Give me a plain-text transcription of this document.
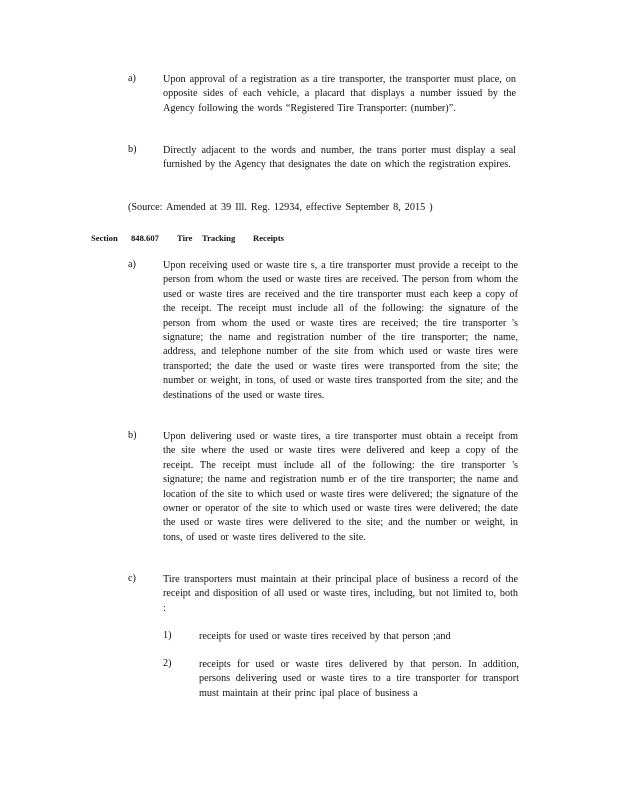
a)	Upon approval of a registration as a tire transporter, the transporter must place, on opposite sides of each vehicle, a placard that displays a number issued by the Agency following the words “Registered Tire Transporter: (number)”.
b)	Directly adjacent to the words and number, the trans porter must display a seal furnished by the Agency that designates the date on which the registration expires.
(Source: Amended at 39 Ill. Reg. 12934, effective September 8, 2015 )
Section 848.607 Tire Tracking Receipts
a)	Upon receiving used or waste tire s, a tire transporter must provide a receipt to the person from whom the used or waste tires are received. The person from whom the used or waste tires are received and the tire transporter must each keep a copy of the receipt. The receipt must include all of the following: the signature of the person from whom the used or waste tires are received; the tire transporter 's signature; the name and registration number of the tire transporter; the name, address, and telephone number of the site from which used or waste tires were transported; the date the used or waste tires were transported from the site; the number or weight, in tons, of used or waste tires transported from the site; and the destinations of the used or waste tires.
b)	Upon delivering used or waste tires, a tire transporter must obtain a receipt from the site where the used or waste tires were delivered and keep a copy of the receipt. The receipt must include all of the following: the tire transporter 's signature; the name and registration numb er of the tire transporter; the name and location of the site to which used or waste tires were delivered; the signature of the owner or operator of the site to which used or waste tires were delivered; the date the used or waste tires were delivered to the site; and the number or weight, in tons, of used or waste tires delivered to the site.
c)	Tire transporters must maintain at their principal place of business a record of the receipt and disposition of all used or waste tires, including, but not limited to, both :
1)	receipts for used or waste tires received by that person ;and
2)	receipts for used or waste tires delivered by that person. In addition, persons delivering used or waste tires to a tire transporter for transport must maintain at their princ ipal place of business a
